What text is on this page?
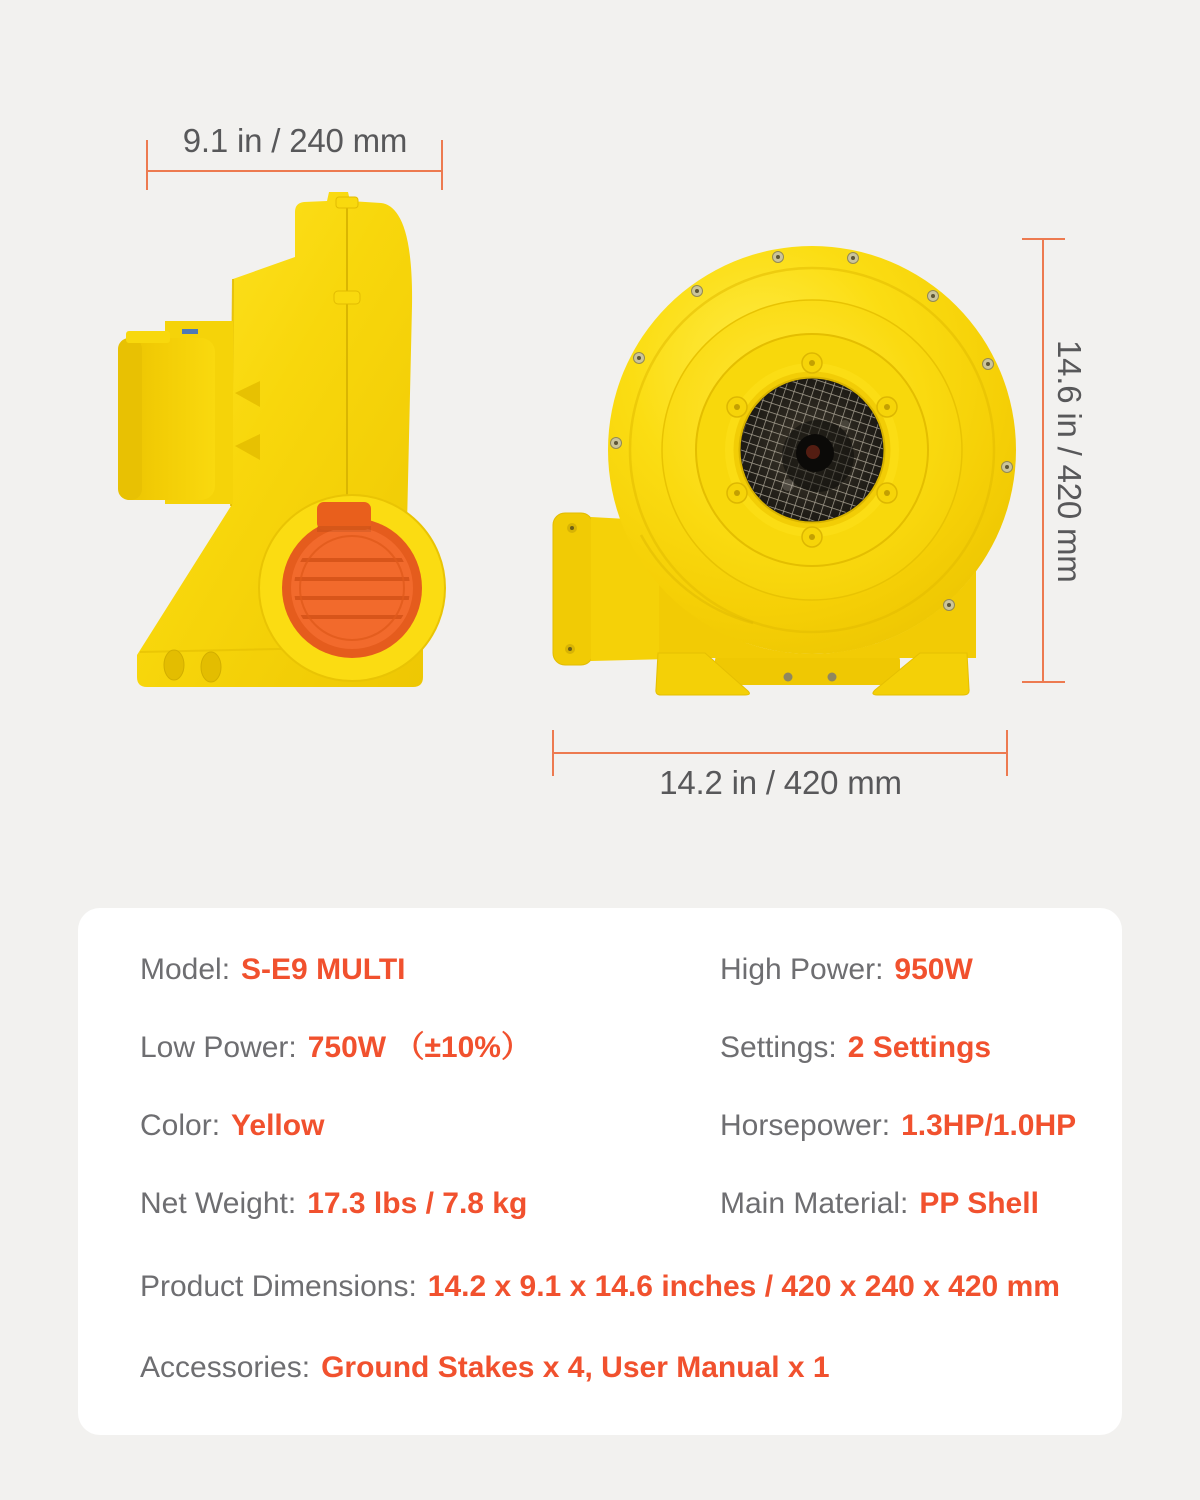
9.1 in / 240 mm
14.6 in / 420 mm
14.2 in / 420 mm
Model: S-E9 MULTI	High Power: 950W
Low Power: 750W （±10%）	Settings: 2 Settings
Color: Yellow	Horsepower: 1.3HP/1.0HP
Net Weight: 17.3 lbs / 7.8 kg	Main Material: PP Shell
Product Dimensions: 14.2 x 9.1 x 14.6 inches / 420 x 240 x 420 mm
Accessories: Ground Stakes x 4, User Manual x 1
